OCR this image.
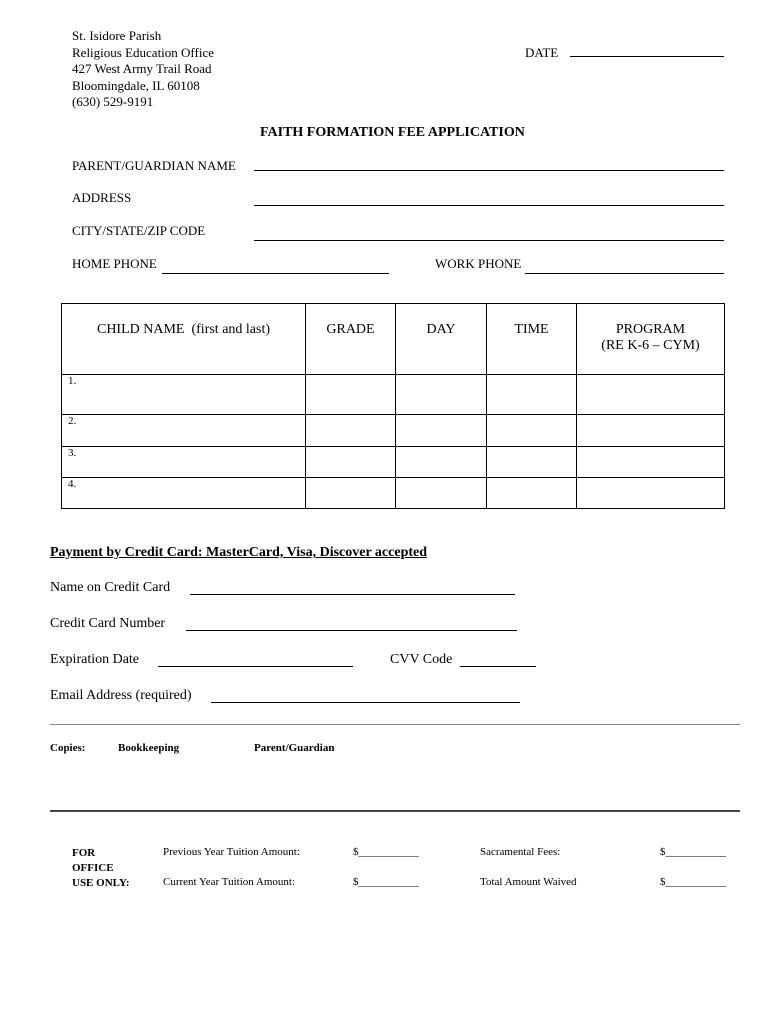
St. Isidore Parish
Religious Education Office
427 West Army Trail Road
Bloomingdale, IL 60108
(630) 529-9191
DATE
FAITH FORMATION FEE APPLICATION
PARENT/GUARDIAN NAME
ADDRESS
CITY/STATE/ZIP CODE
HOME PHONE	WORK PHONE
CHILD NAME  (first and last)	GRADE	DAY	TIME	PROGRAM
(RE K-6 – CYM)
1.				
2.				
3.				
4.				
Payment by Credit Card: MasterCard, Visa, Discover accepted
Name on Credit Card
Credit Card Number
Expiration Date	CVV Code
Email Address (required)
Copies:	Bookkeeping	Parent/Guardian
FOR
OFFICE
USE ONLY:
Previous Year Tuition Amount:	$___________	Sacramental Fees:	$___________
Current Year Tuition Amount:	$___________	Total Amount Waived	$___________
